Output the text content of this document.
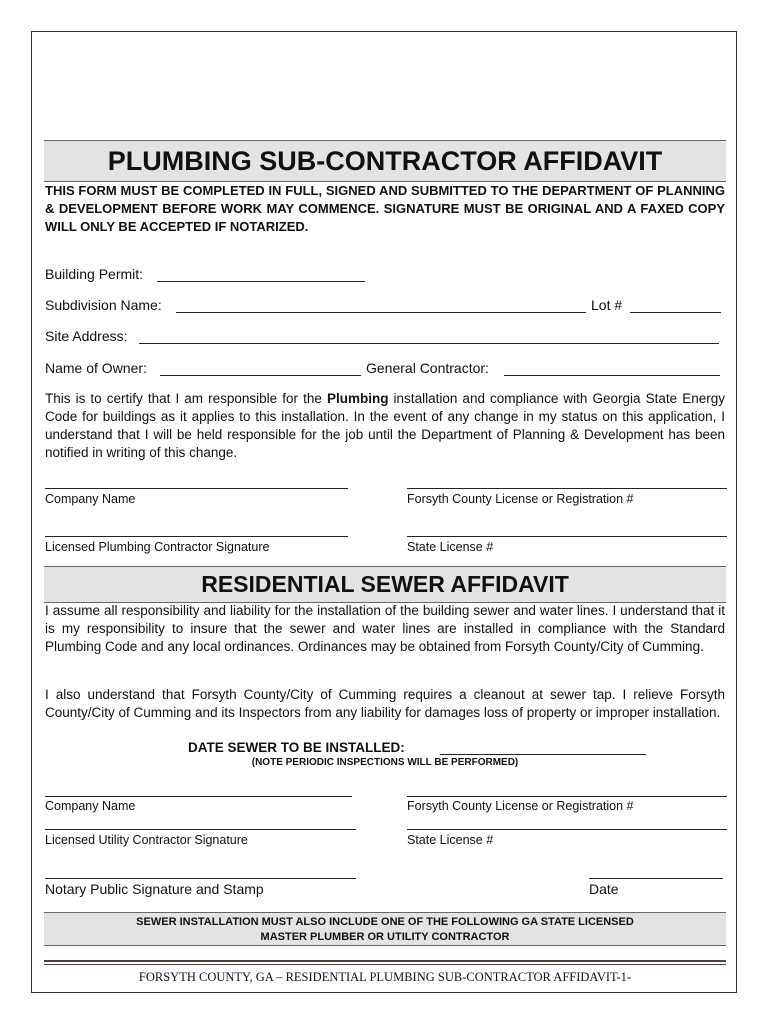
PLUMBING SUB-CONTRACTOR AFFIDAVIT
THIS FORM MUST BE COMPLETED IN FULL, SIGNED AND SUBMITTED TO THE DEPARTMENT OF PLANNING & DEVELOPMENT BEFORE WORK MAY COMMENCE. SIGNATURE MUST BE ORIGINAL AND A FAXED COPY WILL ONLY BE ACCEPTED IF NOTARIZED.
Building Permit:
Subdivision Name:	Lot #
Site Address:
Name of Owner:	General Contractor:
This is to certify that I am responsible for the Plumbing installation and compliance with Georgia State Energy Code for buildings as it applies to this installation. In the event of any change in my status on this application, I understand that I will be held responsible for the job until the Department of Planning & Development has been notified in writing of this change.
Company Name	Forsyth County License or Registration #
Licensed Plumbing Contractor Signature	State License #
RESIDENTIAL SEWER AFFIDAVIT
I assume all responsibility and liability for the installation of the building sewer and water lines. I understand that it is my responsibility to insure that the sewer and water lines are installed in compliance with the Standard Plumbing Code and any local ordinances. Ordinances may be obtained from Forsyth County/City of Cumming.
I also understand that Forsyth County/City of Cumming requires a cleanout at sewer tap. I relieve Forsyth County/City of Cumming and its Inspectors from any liability for damages loss of property or improper installation.
DATE SEWER TO BE INSTALLED:
(NOTE PERIODIC INSPECTIONS WILL BE PERFORMED)
Company Name	Forsyth County License or Registration #
Licensed Utility Contractor Signature	State License #
Notary Public Signature and Stamp	Date
SEWER INSTALLATION MUST ALSO INCLUDE ONE OF THE FOLLOWING GA STATE LICENSED
MASTER PLUMBER OR UTILITY CONTRACTOR
FORSYTH COUNTY, GA – RESIDENTIAL PLUMBING SUB-CONTRACTOR AFFIDAVIT-1-
